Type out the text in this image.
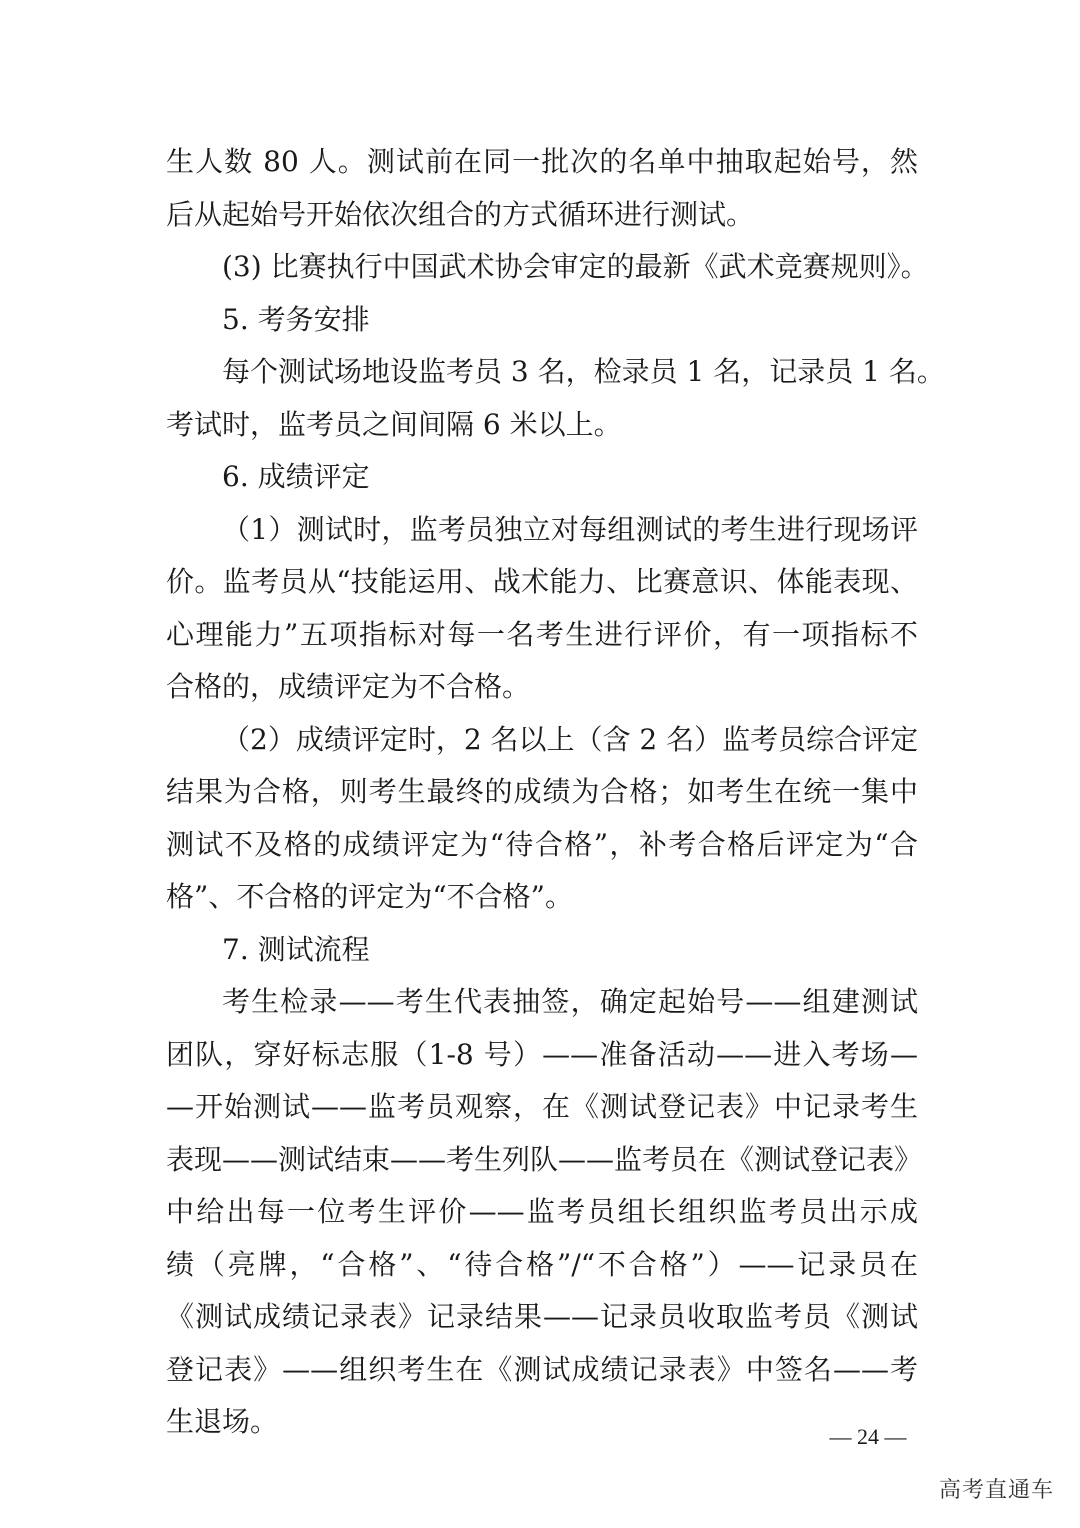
生人数 80 人。测试前在同一批次的名单中抽取起始号，然
后从起始号开始依次组合的方式循环进行测试。
(3) 比赛执行中国武术协会审定的最新《武术竞赛规则》。
5. 考务安排
每个测试场地设监考员 3 名，检录员 1 名，记录员 1 名。
考试时，监考员之间间隔 6 米以上。
6. 成绩评定
（1）测试时，监考员独立对每组测试的考生进行现场评
价。监考员从“技能运用、战术能力、比赛意识、体能表现、
心理能力”五项指标对每一名考生进行评价，有一项指标不
合格的，成绩评定为不合格。
（2）成绩评定时，2 名以上（含 2 名）监考员综合评定
结果为合格，则考生最终的成绩为合格；如考生在统一集中
测试不及格的成绩评定为“待合格”，补考合格后评定为“合
格”、不合格的评定为“不合格”。
7. 测试流程
考生检录——考生代表抽签，确定起始号——组建测试
团队，穿好标志服（1-8 号）——准备活动——进入考场—
—开始测试——监考员观察，在《测试登记表》中记录考生
表现——测试结束——考生列队——监考员在《测试登记表》
中给出每一位考生评价——监考员组长组织监考员出示成
绩（亮牌，“合格”、“待合格”/“不合格”）——记录员在
《测试成绩记录表》记录结果——记录员收取监考员《测试
登记表》——组织考生在《测试成绩记录表》中签名——考
生退场。	— 24 —
高考直通车
